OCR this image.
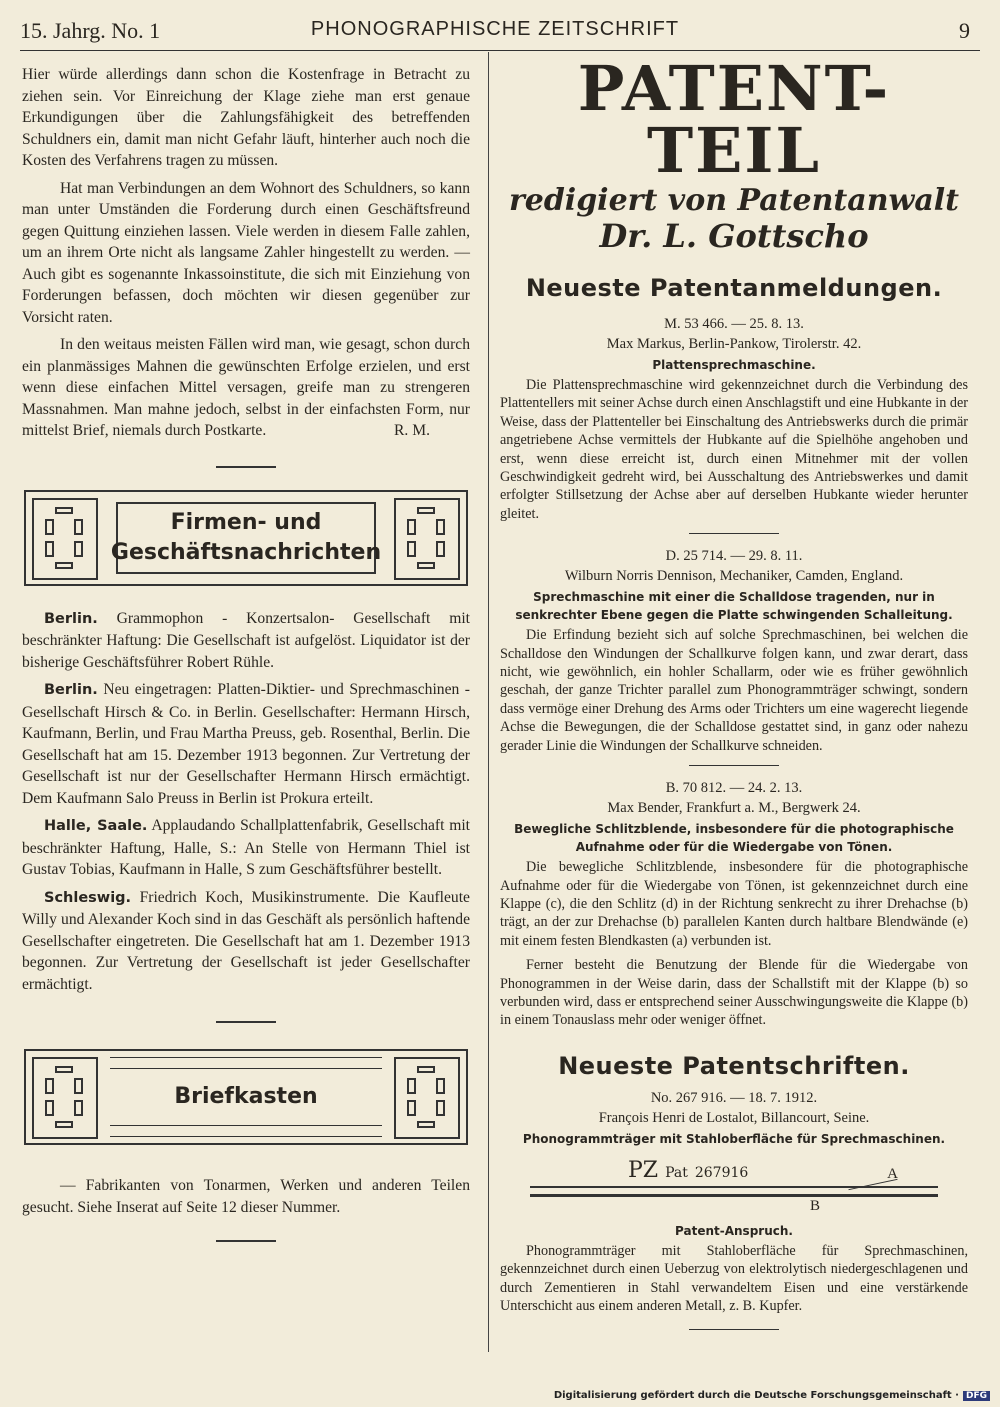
15. Jahrg. No. 1	PHONOGRAPHISCHE ZEITSCHRIFT	9

Hier würde allerdings dann schon die Kostenfrage in Betracht zu ziehen sein. Vor Einreichung der Klage ziehe man erst genaue Erkundigungen über die Zahlungsfähigkeit des betreffenden Schuldners ein, damit man nicht Gefahr läuft, hinterher auch noch die Kosten des Verfahrens tragen zu müssen.

Hat man Verbindungen an dem Wohnort des Schuldners, so kann man unter Umständen die Forderung durch einen Geschäftsfreund gegen Quittung einziehen lassen. Viele werden in diesem Falle zahlen, um an ihrem Orte nicht als langsame Zahler hingestellt zu werden. — Auch gibt es sogenannte Inkassoinstitute, die sich mit Einziehung von Forderungen befassen, doch möchten wir diesen gegenüber zur Vorsicht raten.

In den weitaus meisten Fällen wird man, wie gesagt, schon durch ein planmässiges Mahnen die gewünschten Erfolge erzielen, und erst wenn diese einfachen Mittel versagen, greife man zu strengeren Massnahmen. Man mahne jedoch, selbst in der einfachsten Form, nur mittelst Brief, niemals durch Postkarte.	R. M.

Firmen- und
Geschäftsnachrichten

Berlin. Grammophon - Konzertsalon- Gesellschaft mit beschränkter Haftung: Die Gesellschaft ist aufgelöst. Liquidator ist der bisherige Geschäftsführer Robert Rühle.

Berlin. Neu eingetragen: Platten-Diktier- und Sprechmaschinen - Gesellschaft Hirsch & Co. in Berlin. Gesellschafter: Hermann Hirsch, Kaufmann, Berlin, und Frau Martha Preuss, geb. Rosenthal, Berlin. Die Gesellschaft hat am 15. Dezember 1913 begonnen. Zur Vertretung der Gesellschaft ist nur der Gesellschafter Hermann Hirsch ermächtigt. Dem Kaufmann Salo Preuss in Berlin ist Prokura erteilt.

Halle, Saale. Applaudando Schallplattenfabrik, Gesellschaft mit beschränkter Haftung, Halle, S.: An Stelle von Hermann Thiel ist Gustav Tobias, Kaufmann in Halle, S zum Geschäftsführer bestellt.

Schleswig. Friedrich Koch, Musikinstrumente. Die Kaufleute Willy und Alexander Koch sind in das Geschäft als persönlich haftende Gesellschafter eingetreten. Die Gesellschaft hat am 1. Dezember 1913 begonnen. Zur Vertretung der Gesellschaft ist jeder Gesellschafter ermächtigt.

Briefkasten

— Fabrikanten von Tonarmen, Werken und anderen Teilen gesucht. Siehe Inserat auf Seite 12 dieser Nummer.

PATENT-TEIL
redigiert von Patentanwalt
Dr. L. Gottscho
Neueste Patentanmeldungen.
M. 53 466. — 25. 8. 13.
Max Markus, Berlin-Pankow, Tirolerstr. 42.
Plattensprechmaschine.

Die Plattensprechmaschine wird gekennzeichnet durch die Verbindung des Plattentellers mit seiner Achse durch einen Anschlagstift und eine Hubkante in der Weise, dass der Plattenteller bei Einschaltung des Antriebswerks durch die primär angetriebene Achse vermittels der Hubkante auf die Spielhöhe angehoben und erst, wenn diese erreicht ist, durch einen Mitnehmer mit der vollen Geschwindigkeit gedreht wird, bei Ausschaltung des Antriebswerkes und damit erfolgter Stillsetzung der Achse aber auf derselben Hubkante wieder herunter gleitet.

D. 25 714. — 29. 8. 11.
Wilburn Norris Dennison, Mechaniker, Camden, England.
Sprechmaschine mit einer die Schalldose tragenden, nur in senkrechter Ebene gegen die Platte schwingenden Schalleitung.

Die Erfindung bezieht sich auf solche Sprechmaschinen, bei welchen die Schalldose den Windungen der Schallkurve folgen kann, und zwar derart, dass nicht, wie gewöhnlich, ein hohler Schallarm, oder wie es früher gewöhnlich geschah, der ganze Trichter parallel zum Phonogrammträger schwingt, sondern dass vermöge einer Drehung des Arms oder Trichters um eine wagerecht liegende Achse die Bewegungen, die der Schalldose gestattet sind, in ganz oder nahezu gerader Linie die Windungen der Schallkurve schneiden.

B. 70 812. — 24. 2. 13.
Max Bender, Frankfurt a. M., Bergwerk 24.
Bewegliche Schlitzblende, insbesondere für die photographische Aufnahme oder für die Wiedergabe von Tönen.

Die bewegliche Schlitzblende, insbesondere für die photographische Aufnahme oder für die Wiedergabe von Tönen, ist gekennzeichnet durch eine Klappe (c), die den Schlitz (d) in der Richtung senkrecht zu ihrer Drehachse (b) trägt, an der zur Drehachse (b) parallelen Kanten durch haltbare Blendwände (e) mit einem festen Blendkasten (a) verbunden ist.

Ferner besteht die Benutzung der Blende für die Wiedergabe von Phonogrammen in der Weise darin, dass der Schallstift mit der Klappe (b) so verbunden wird, dass er entsprechend seiner Ausschwingungsweite die Klappe (b) in einem Tonauslass mehr oder weniger öffnet.

Neueste Patentschriften.
No. 267 916. — 18. 7. 1912.
François Henri de Lostalot, Billancourt, Seine.
Phonogrammträger mit Stahloberfläche für Sprechmaschinen.
PZ Pat 267916	A
B
Patent-Anspruch.

Phonogrammträger mit Stahloberfläche für Sprechmaschinen, gekennzeichnet durch einen Ueberzug von elektrolytisch niedergeschlagenen und durch Zementieren in Stahl verwandeltem Eisen und eine verstärkende Unterschicht aus einem anderen Metall, z. B. Kupfer.

Digitalisierung gefördert durch die Deutsche Forschungsgemeinschaft · DFG
